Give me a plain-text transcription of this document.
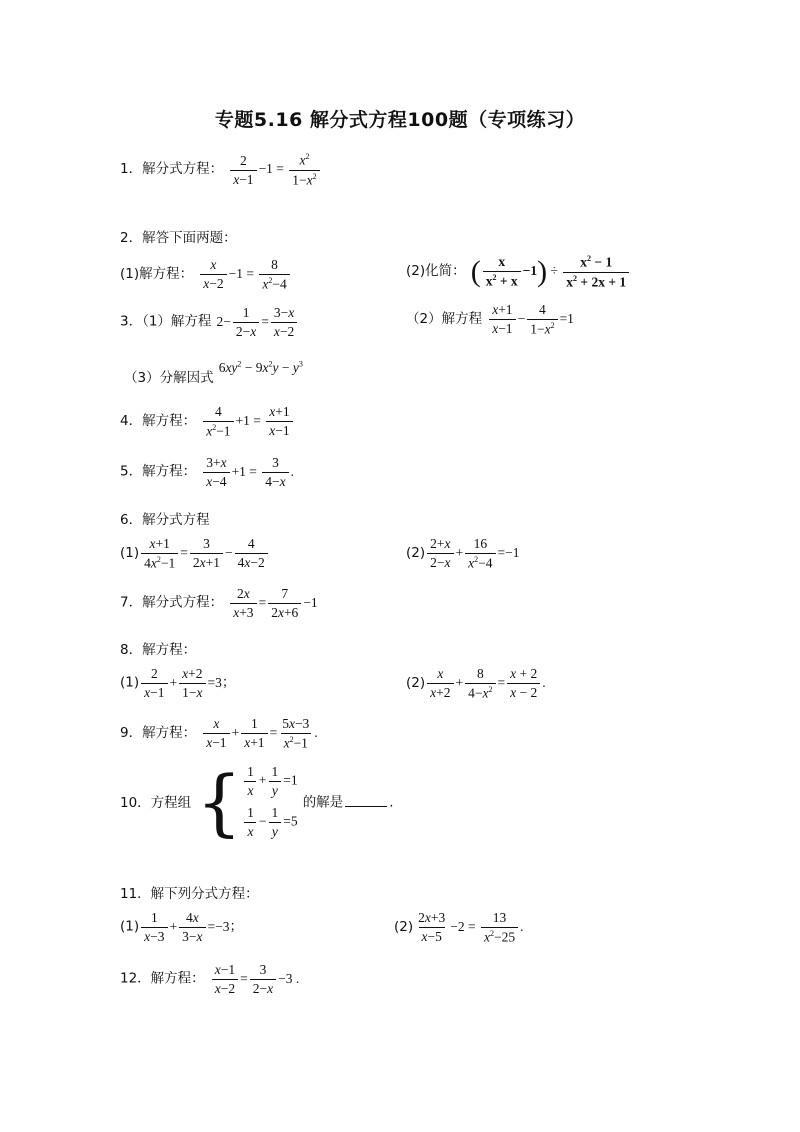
专题5.16 解分式方程100题（专项练习）
1．解分式方程： $\frac{2}{x-1} -1 = \frac{x^2}{1-x^2}$
2．解答下面两题：
(1)解方程： $\frac{x}{x-2} -1 = \frac{8}{x^2-4}$	(2)化简： ( $\frac{x}{x^2 + x} -1) \div \frac{x^2 - 1}{x^2 + 2x + 1}$
3．（1）解方程 $2- \frac{1}{2-x} = \frac{3-x}{x-2}$	（2）解方程 $\frac{x+1}{x-1} - \frac{4}{1-x^2} =1$
$_{(3)分解因式}$ $6xy^2 - 9x^2y - y^3$
4．解方程： $\frac{4}{x^2-1} +1 = \frac{x+1}{x-1}$
5．解方程： $\frac{3+x}{x-4} +1 = \frac{3}{4-x}$ .
6．解分式方程
$(1) \frac{x+1}{4x^2-1} = \frac{3}{2x+1} - \frac{4}{4x-2}$	$(2) \frac{2+x}{2-x} + \frac{16}{x^2-4} =-1$
7．解分式方程： $\frac{2x}{x+3} = \frac{7}{2x+6} -1$
8．解方程：
$(1) \frac{2}{x-1} + \frac{x+2}{1-x} =3$；	$(2) \frac{x}{x+2} + \frac{8}{4-x^2} = \frac{x + 2}{x - 2}$ .
9．解方程： $\frac{x}{x-1} + \frac{1}{x+1} = \frac{5x-3}{x^2-1}$ .
10．方程组 { $\frac{1}{x} + \frac{1}{y} =1$
$\frac{1}{x} - \frac{1}{y} =5$
的解是	.
11．解下列分式方程：
$(1) \frac{1}{x-3} + \frac{4x}{3-x} =-3$；	$(2) \frac{2x+3}{x-5} -2 = \frac{13}{x^2-25}$ .
12．解方程： $\frac{x-1}{x-2} = \frac{3}{2-x} -3$ .
